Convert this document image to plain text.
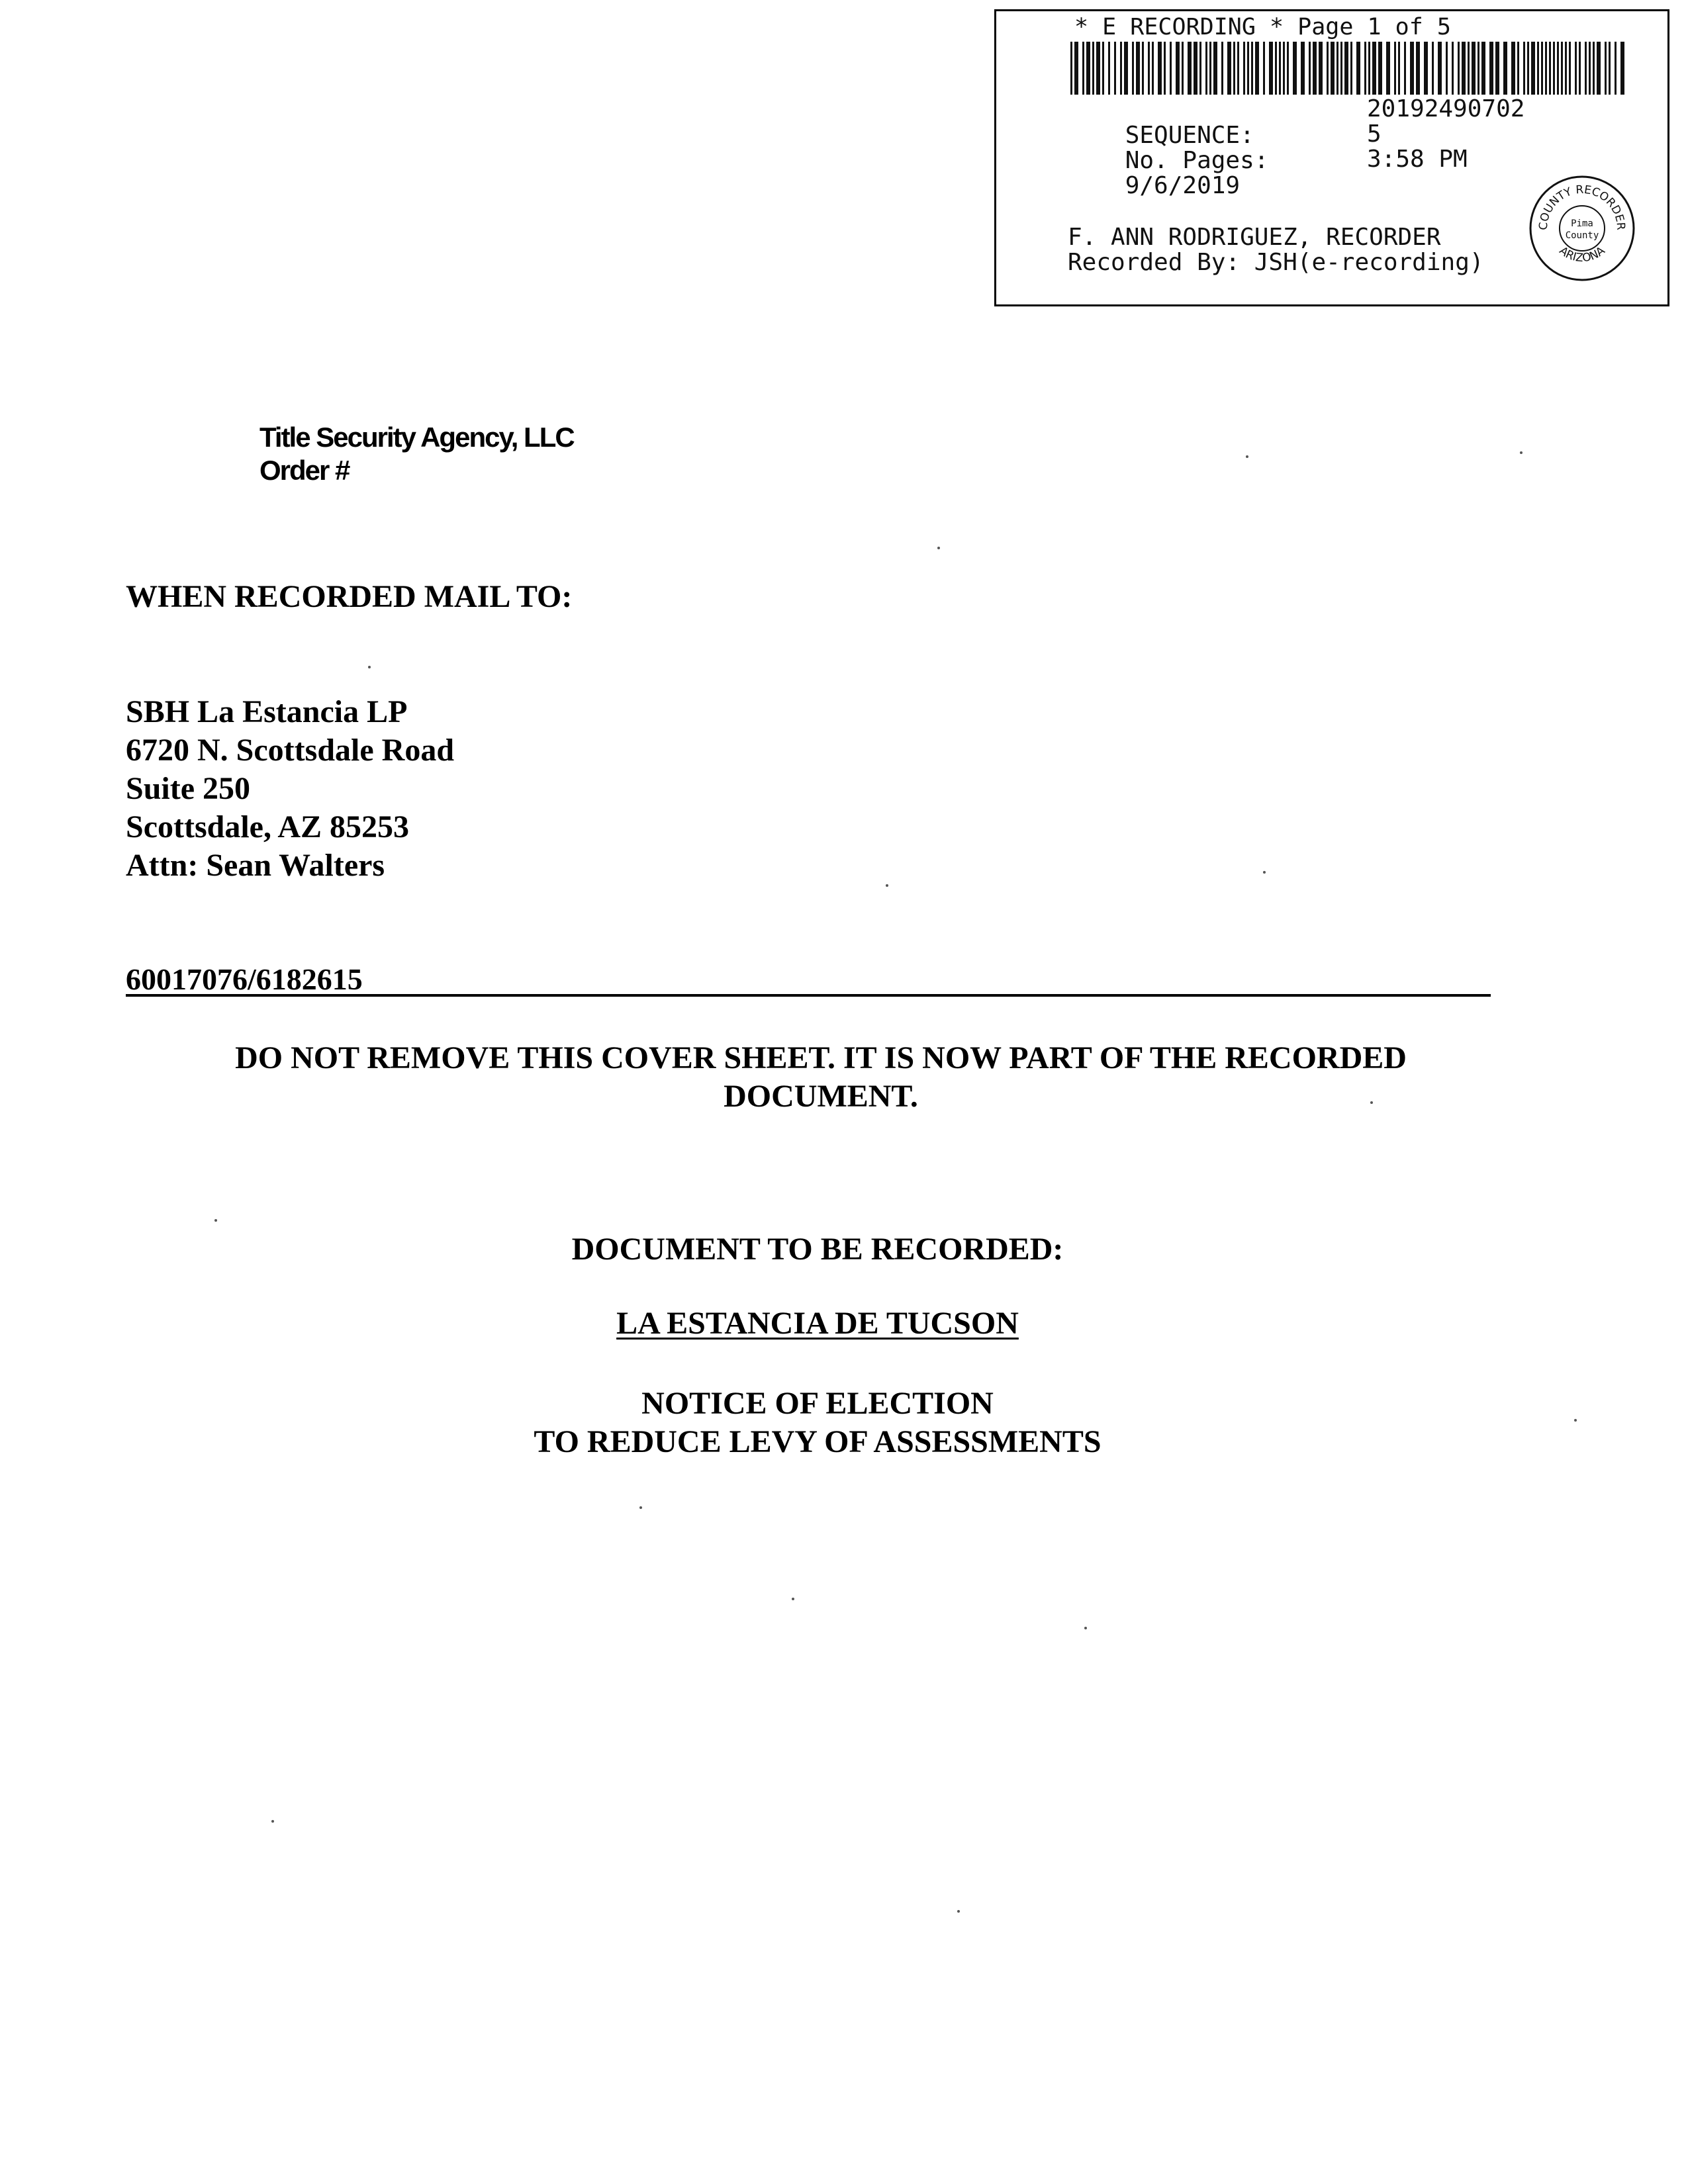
* E RECORDING * Page 1 of 5

SEQUENCE:

20192490702

No. Pages:

5

9/6/2019

3:58 PM

F. ANN RODRIGUEZ, RECORDER
Recorded By: JSH(e-recording)
COUNTY RECORDER
ARIZONA
Pima
County
Title Security Agency, LLC
Order #
WHEN RECORDED MAIL TO:
SBH La Estancia LP
6720 N. Scottsdale Road
Suite 250
Scottsdale, AZ 85253
Attn: Sean Walters
60017076/6182615
DO NOT REMOVE THIS COVER SHEET. IT IS NOW PART OF THE RECORDED
DOCUMENT.
DOCUMENT TO BE RECORDED:
LA ESTANCIA DE TUCSON
NOTICE OF ELECTION
TO REDUCE LEVY OF ASSESSMENTS
